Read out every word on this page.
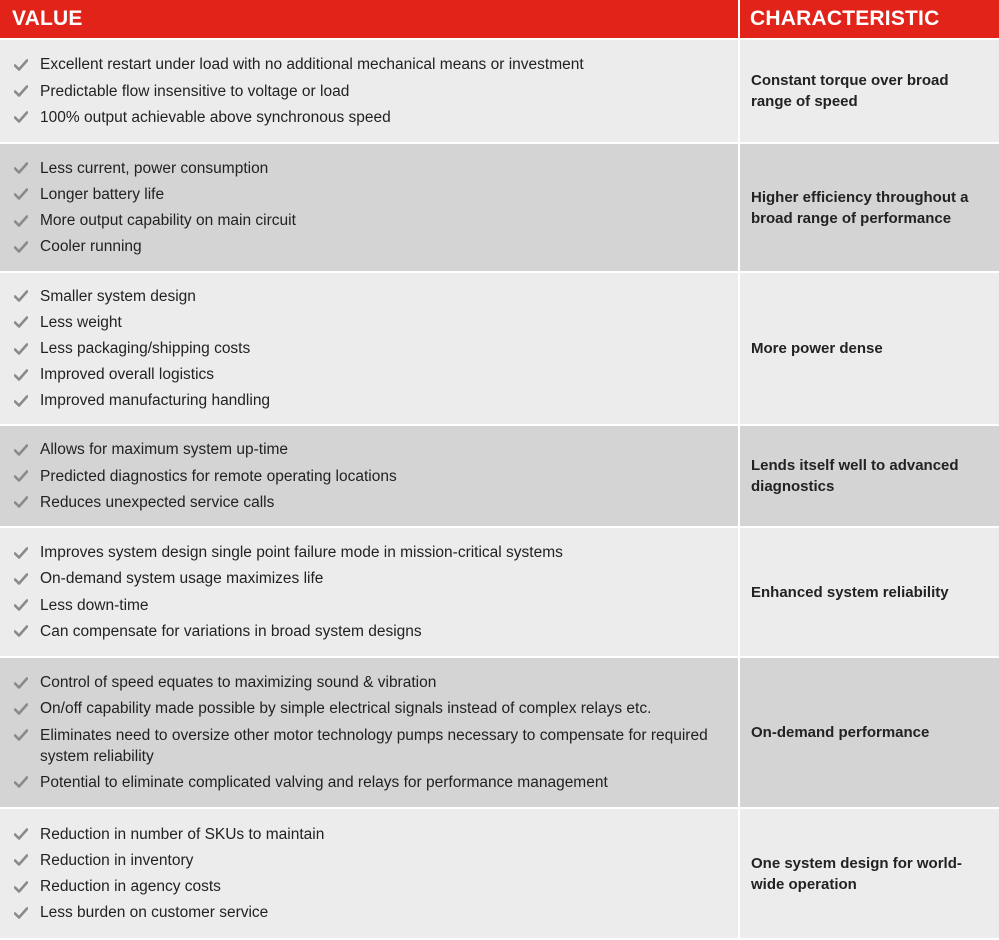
VALUE	CHARACTERISTIC
Excellent restart under load with no additional mechanical means or investment
Predictable flow insensitive to voltage or load
100% output achievable above synchronous speed
Constant torque over broad range of speed
Less current, power consumption
Longer battery life
More output capability on main circuit
Cooler running
Higher efficiency throughout a broad range of performance
Smaller system design
Less weight
Less packaging/shipping costs
Improved overall logistics
Improved manufacturing handling
More power dense
Allows for maximum system up-time
Predicted diagnostics for remote operating locations
Reduces unexpected service calls
Lends itself well to advanced diagnostics
Improves system design single point failure mode in mission-critical systems
On-demand system usage maximizes life
Less down-time
Can compensate for variations in broad system designs
Enhanced system reliability
Control of speed equates to maximizing sound & vibration
On/off capability made possible by simple electrical signals instead of complex relays etc.
Eliminates need to oversize other motor technology pumps necessary to compensate for required system reliability
Potential to eliminate complicated valving and relays for performance management
On-demand performance
Reduction in number of SKUs to maintain
Reduction in inventory
Reduction in agency costs
Less burden on customer service
One system design for world-wide operation
